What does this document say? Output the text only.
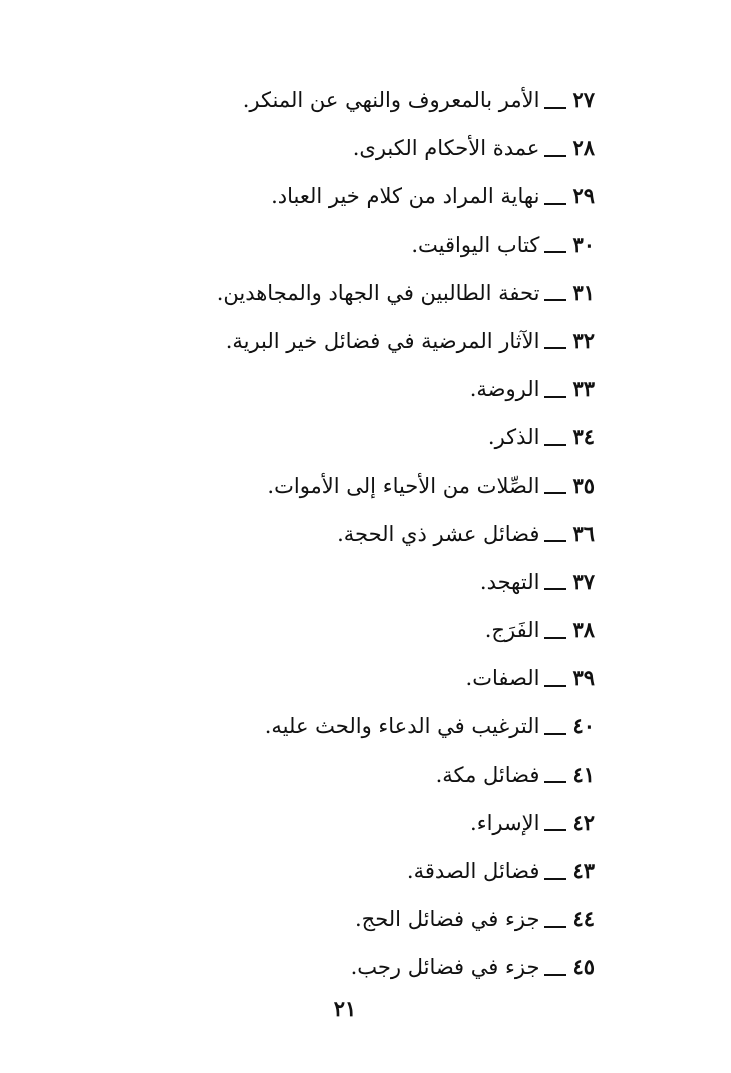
٢٧الأمر بالمعروف والنهي عن المنكر.
٢٨عمدة الأحكام الكبرى.
٢٩نهاية المراد من كلام خير العباد.
٣٠كتاب اليواقيت.
٣١تحفة الطالبين في الجهاد والمجاهدين.
٣٢الآثار المرضية في فضائل خير البرية.
٣٣الروضة.
٣٤الذكر.
٣٥الصِّلات من الأحياء إلى الأموات.
٣٦فضائل عشر ذي الحجة.
٣٧التهجد.
٣٨الفَرَج.
٣٩الصفات.
٤٠الترغيب في الدعاء والحث عليه.
٤١فضائل مكة.
٤٢الإسراء.
٤٣فضائل الصدقة.
٤٤جزء في فضائل الحج.
٤٥جزء في فضائل رجب.
٢١
